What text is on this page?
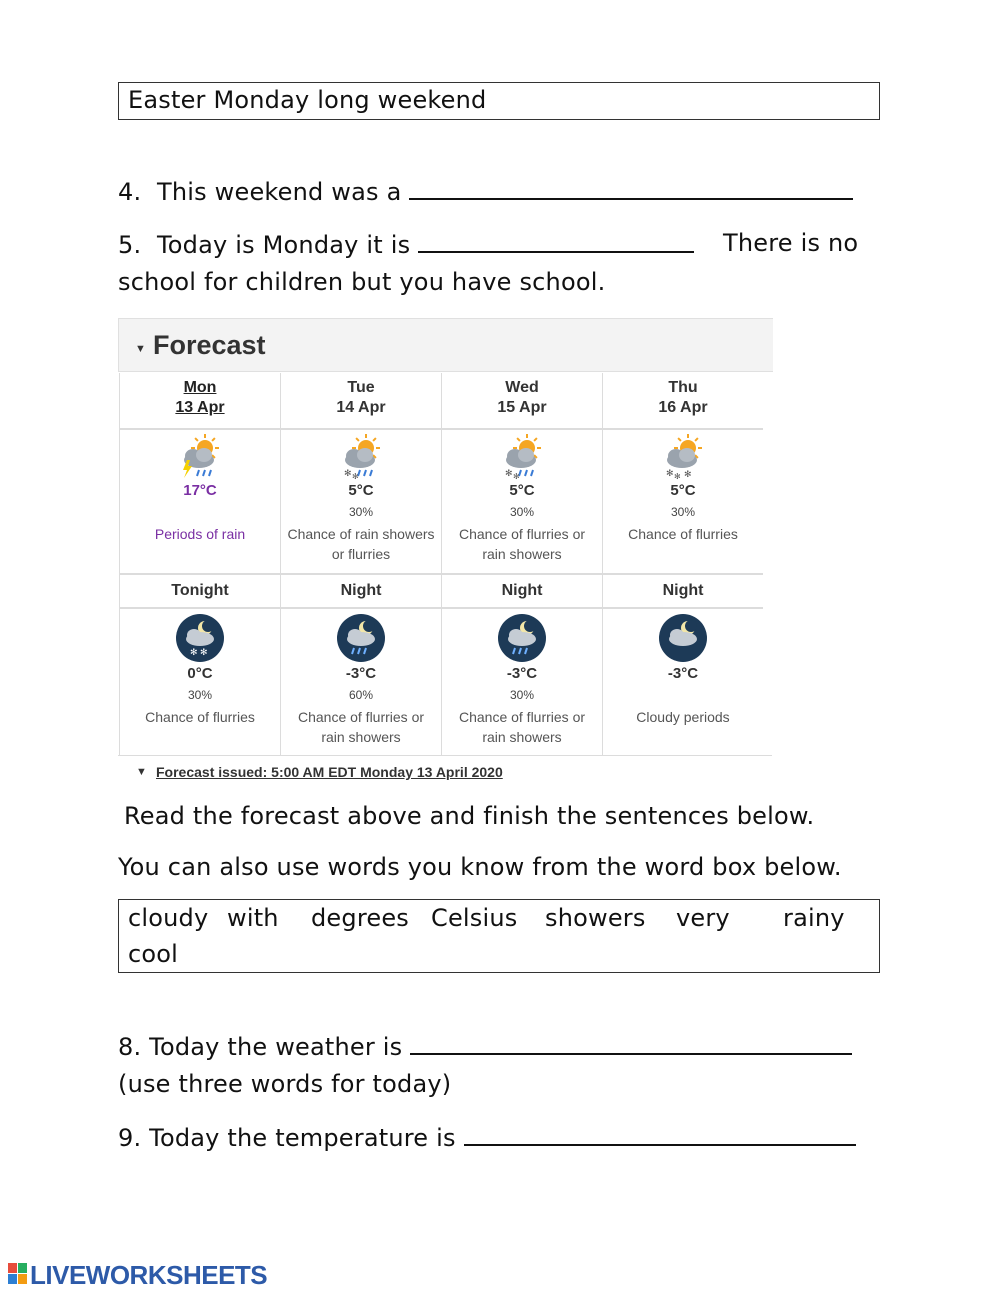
Easter Monday long weekend
4. This weekend was a
5. Today is Monday it is	There is no
school for children but you have school.
▼ Forecast
Mon
13 Apr
17°C
Periods of rain
Tonight
✻ ✻
0°C
30%
Chance of flurries
Tue
14 Apr
✻ ✻
5°C
30%
Chance of rain showers or flurries
Night
-3°C
60%
Chance of flurries or rain showers
Wed
15 Apr
✻ ✻
5°C
30%
Chance of flurries or rain showers
Night
-3°C
30%
Chance of flurries or rain showers
Thu
16 Apr
✻ ✻ ✻
5°C
30%
Chance of flurries
Night
-3°C
Cloudy periods
▼ Forecast issued: 5:00 AM EDT Monday 13 April 2020
Read the forecast above and finish the sentences below.
You can also use words you know from the word box below.
cloudy with degrees Celsius showers very rainy
cool
8. Today the weather is
(use three words for today)
9. Today the temperature is
LIVEWORKSHEETS
